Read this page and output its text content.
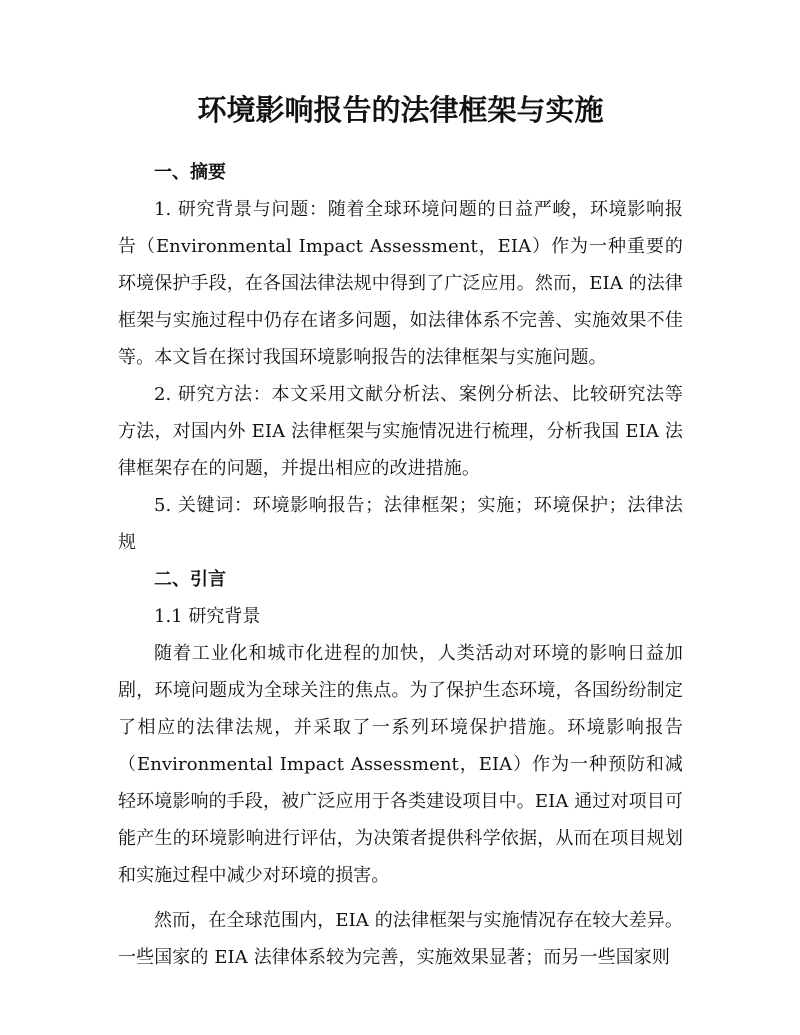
环境影响报告的法律框架与实施
一、摘要

1. 研究背景与问题：随着全球环境问题的日益严峻，环境影响报告（Environmental Impact Assessment，EIA）作为一种重要的环境保护手段，在各国法律法规中得到了广泛应用。然而，EIA 的法律框架与实施过程中仍存在诸多问题，如法律体系不完善、实施效果不佳等。本文旨在探讨我国环境影响报告的法律框架与实施问题。

2. 研究方法：本文采用文献分析法、案例分析法、比较研究法等方法，对国内外 EIA 法律框架与实施情况进行梳理，分析我国 EIA 法律框架存在的问题，并提出相应的改进措施。

5. 关键词：环境影响报告；法律框架；实施；环境保护；法律法规

二、引言
1.1 研究背景

随着工业化和城市化进程的加快，人类活动对环境的影响日益加剧，环境问题成为全球关注的焦点。为了保护生态环境，各国纷纷制定了相应的法律法规，并采取了一系列环境保护措施。环境影响报告（Environmental Impact Assessment，EIA）作为一种预防和减轻环境影响的手段，被广泛应用于各类建设项目中。EIA 通过对项目可能产生的环境影响进行评估，为决策者提供科学依据，从而在项目规划和实施过程中减少对环境的损害。

然而，在全球范围内，EIA 的法律框架与实施情况存在较大差异。一些国家的 EIA 法律体系较为完善，实施效果显著；而另一些国家则
